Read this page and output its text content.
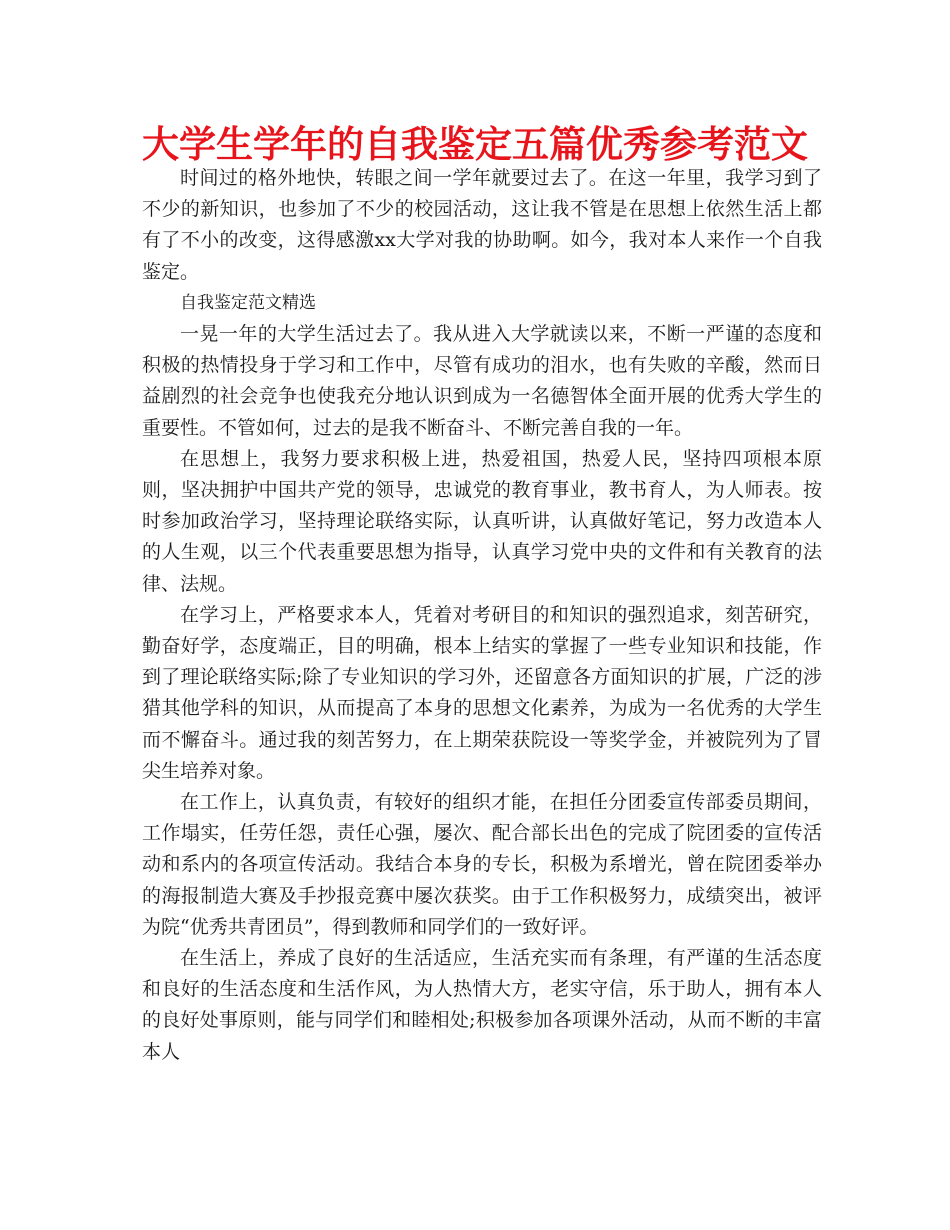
大学生学年的自我鉴定五篇优秀参考范文

时间过的格外地快，转眼之间一学年就要过去了。在这一年里，我学习到了不少的新知识，也参加了不少的校园活动，这让我不管是在思想上依然生活上都有了不小的改变，这得感激xx大学对我的协助啊。如今，我对本人来作一个自我鉴定。

自我鉴定范文精选

一晃一年的大学生活过去了。我从进入大学就读以来，不断一严谨的态度和积极的热情投身于学习和工作中，尽管有成功的泪水，也有失败的辛酸，然而日益剧烈的社会竞争也使我充分地认识到成为一名德智体全面开展的优秀大学生的重要性。不管如何，过去的是我不断奋斗、不断完善自我的一年。

在思想上，我努力要求积极上进，热爱祖国，热爱人民，坚持四项根本原则，坚决拥护中国共产党的领导，忠诚党的教育事业，教书育人，为人师表。按时参加政治学习，坚持理论联络实际，认真听讲，认真做好笔记，努力改造本人的人生观，以三个代表重要思想为指导，认真学习党中央的文件和有关教育的法律、法规。

在学习上，严格要求本人，凭着对考研目的和知识的强烈追求，刻苦研究，勤奋好学，态度端正，目的明确，根本上结实的掌握了一些专业知识和技能，作到了理论联络实际;除了专业知识的学习外，还留意各方面知识的扩展，广泛的涉猎其他学科的知识，从而提高了本身的思想文化素养，为成为一名优秀的大学生而不懈奋斗。通过我的刻苦努力，在上期荣获院设一等奖学金，并被院列为了冒尖生培养对象。

在工作上，认真负责，有较好的组织才能，在担任分团委宣传部委员期间，工作塌实，任劳任怨，责任心强，屡次、配合部长出色的完成了院团委的宣传活动和系内的各项宣传活动。我结合本身的专长，积极为系增光，曾在院团委举办的海报制造大赛及手抄报竞赛中屡次获奖。由于工作积极努力，成绩突出，被评为院“优秀共青团员”，得到教师和同学们的一致好评。

在生活上，养成了良好的生活适应，生活充实而有条理，有严谨的生活态度和良好的生活态度和生活作风，为人热情大方，老实守信，乐于助人，拥有本人的良好处事原则，能与同学们和睦相处;积极参加各项课外活动，从而不断的丰富本人
